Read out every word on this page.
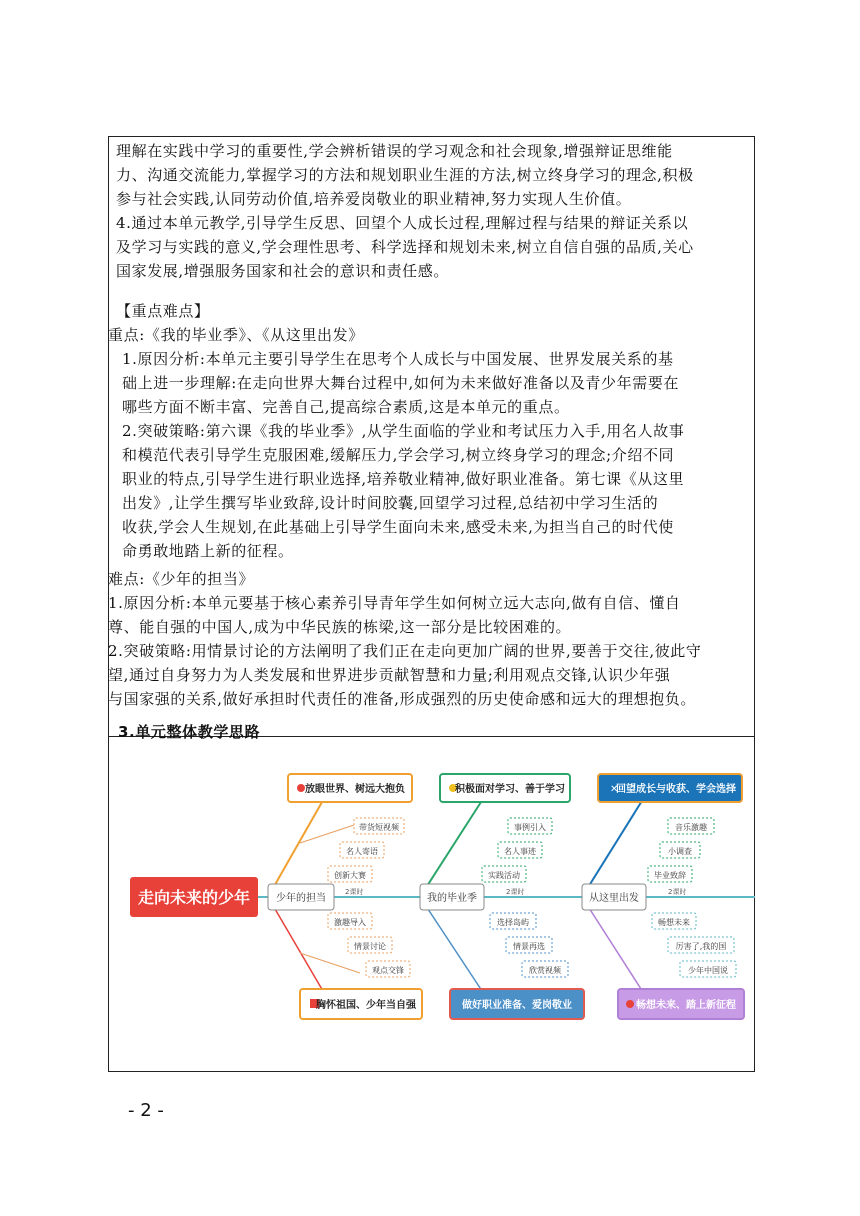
理解在实践中学习的重要性,学会辨析错误的学习观念和社会现象,增强辩证思维能
力、沟通交流能力,掌握学习的方法和规划职业生涯的方法,树立终身学习的理念,积极
参与社会实践,认同劳动价值,培养爱岗敬业的职业精神,努力实现人生价值。
4.通过本单元教学,引导学生反思、回望个人成长过程,理解过程与结果的辩证关系以
及学习与实践的意义,学会理性思考、科学选择和规划未来,树立自信自强的品质,关心
国家发展,增强服务国家和社会的意识和责任感。
【重点难点】
重点:《我的毕业季》、《从这里出发》
1.原因分析:本单元主要引导学生在思考个人成长与中国发展、世界发展关系的基
础上进一步理解:在走向世界大舞台过程中,如何为未来做好准备以及青少年需要在
哪些方面不断丰富、完善自己,提高综合素质,这是本单元的重点。
2.突破策略:第六课《我的毕业季》,从学生面临的学业和考试压力入手,用名人故事
和模范代表引导学生克服困难,缓解压力,学会学习,树立终身学习的理念;介绍不同
职业的特点,引导学生进行职业选择,培养敬业精神,做好职业准备。第七课《从这里
出发》,让学生撰写毕业致辞,设计时间胶囊,回望学习过程,总结初中学习生活的
收获,学会人生规划,在此基础上引导学生面向未来,感受未来,为担当自己的时代使
命勇敢地踏上新的征程。
难点:《少年的担当》
1.原因分析:本单元要基于核心素养引导青年学生如何树立远大志向,做有自信、懂自
尊、能自强的中国人,成为中华民族的栋梁,这一部分是比较困难的。
2.突破策略:用情景讨论的方法阐明了我们正在走向更加广阔的世界,要善于交往,彼此守
望,通过自身努力为人类发展和世界进步贡献智慧和力量;利用观点交锋,认识少年强
与国家强的关系,做好承担时代责任的准备,形成强烈的历史使命感和远大的理想抱负。
3.单元整体教学思路
走向未来的少年
放眼世界、树远大抱负
带货短视频
名人寄语
创新大赛
少年的担当
2课时
激趣导入
情景讨论
观点交锋
胸怀祖国、少年当自强
积极面对学习、善于学习
事例引入
名人事迹
实践活动
我的毕业季
2课时
选择岛屿
情景再选
欣赏视频
做好职业准备、爱岗敬业
✕
回望成长与收获、学会选择
音乐激趣
小调查
毕业致辞
从这里出发
2课时
畅想未来
厉害了,我的国
少年中国说
畅想未来、踏上新征程
- 2 -
